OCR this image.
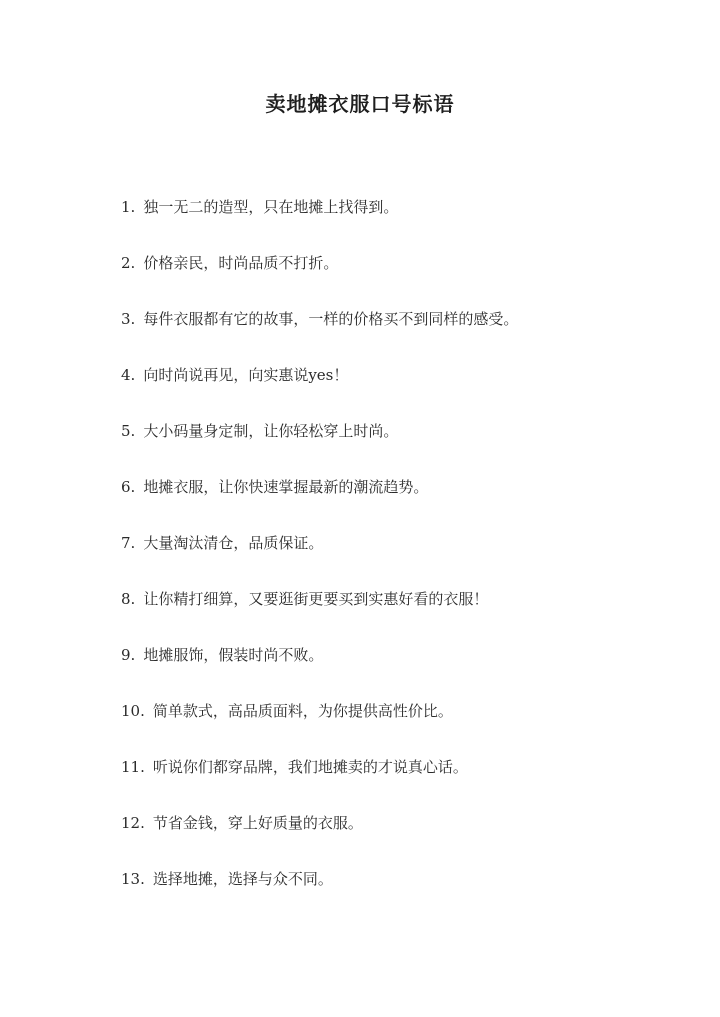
卖地摊衣服口号标语
1. 独一无二的造型，只在地摊上找得到。
2. 价格亲民，时尚品质不打折。
3. 每件衣服都有它的故事，一样的价格买不到同样的感受。
4. 向时尚说再见，向实惠说yes！
5. 大小码量身定制，让你轻松穿上时尚。
6. 地摊衣服，让你快速掌握最新的潮流趋势。
7. 大量淘汰清仓，品质保证。
8. 让你精打细算，又要逛街更要买到实惠好看的衣服！
9. 地摊服饰，假装时尚不败。
10. 简单款式，高品质面料，为你提供高性价比。
11. 听说你们都穿品牌，我们地摊卖的才说真心话。
12. 节省金钱，穿上好质量的衣服。
13. 选择地摊，选择与众不同。
